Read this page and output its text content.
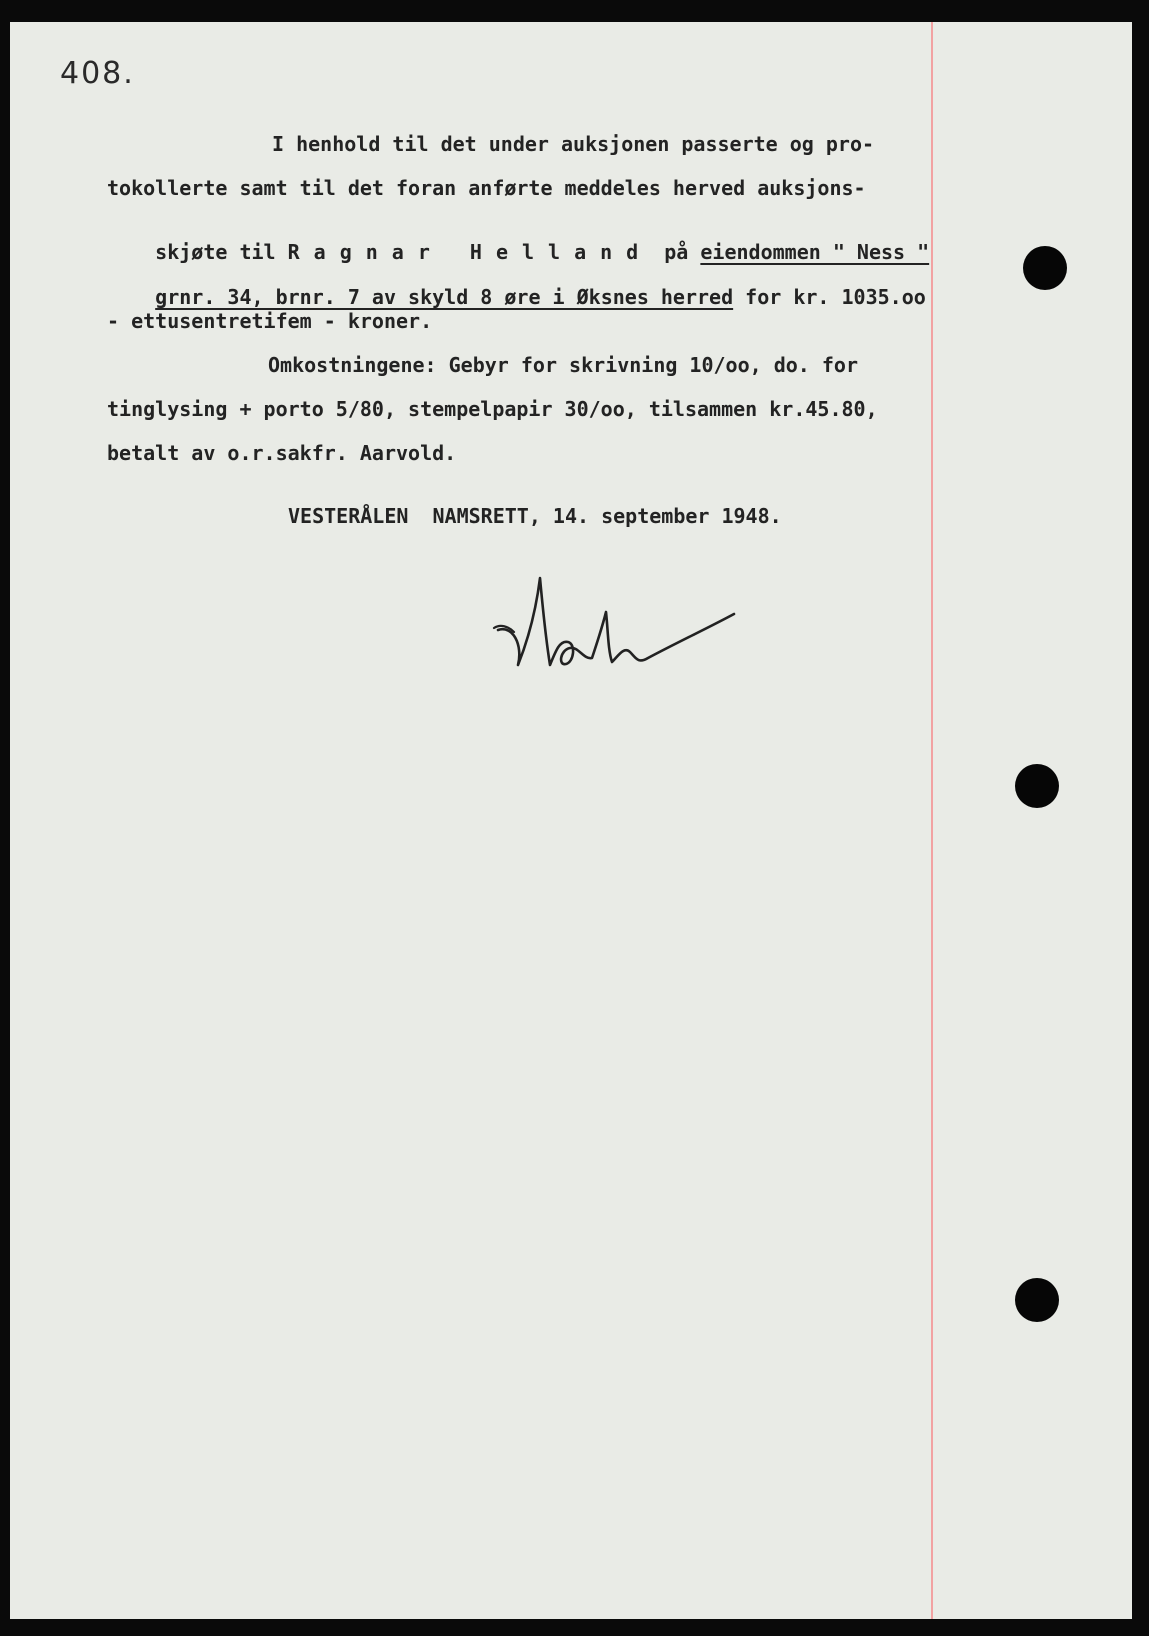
408.
I henhold til det under auksjonen passerte og pro-
tokollerte samt til det foran anførte meddeles herved auksjons-

skjøte til Ragnar Helland på eiendommen " Ness "

grnr. 34, brnr. 7 av skyld 8 øre i Øksnes herred for kr. 1035.oo

- ettusentretifem - kroner.
Omkostningene: Gebyr for skrivning 10/oo, do. for
tinglysing + porto 5/80, stempelpapir 30/oo, tilsammen kr.45.80,
betalt av o.r.sakfr. Aarvold.
VESTERÅLEN  NAMSRETT, 14. september 1948.
